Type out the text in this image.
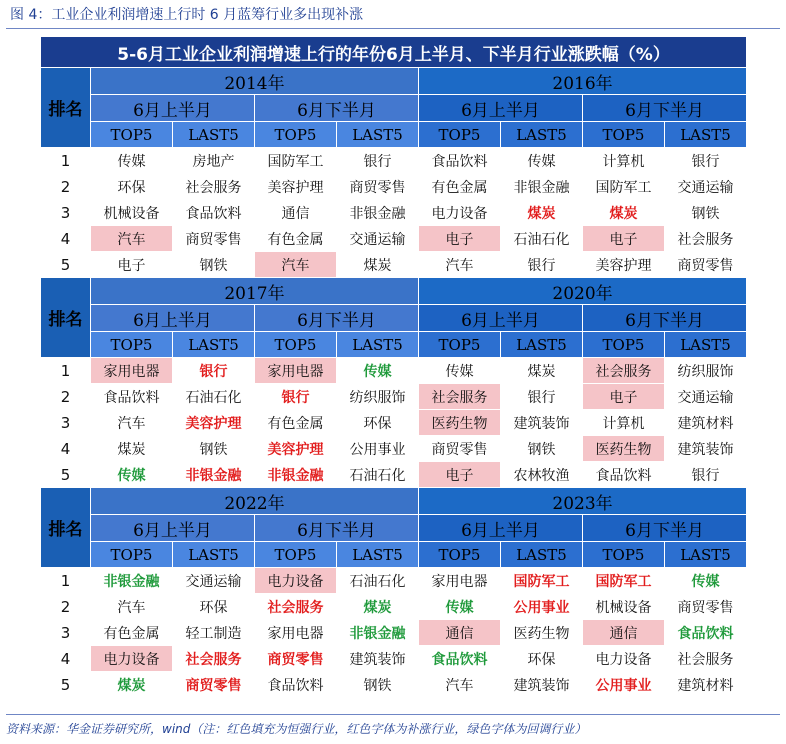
图 4：工业企业利润增速上行时 6 月蓝筹行业多出现补涨
5-6月工业企业利润增速上行的年份6月上半月、下半月行业涨跌幅（%）								
排名	2014年				2016年			
	6月上半月		6月下半月		6月上半月		6月下半月	
	TOP5	LAST5	TOP5	LAST5	TOP5	LAST5	TOP5	LAST5
1	传媒	房地产	国防军工	银行	食品饮料	传媒	计算机	银行
2	环保	社会服务	美容护理	商贸零售	有色金属	非银金融	国防军工	交通运输
3	机械设备	食品饮料	通信	非银金融	电力设备	煤炭	煤炭	钢铁
4	汽车	商贸零售	有色金属	交通运输	电子	石油石化	电子	社会服务
5	电子	钢铁	汽车	煤炭	汽车	银行	美容护理	商贸零售
排名	2017年				2020年			
	6月上半月		6月下半月		6月上半月		6月下半月	
	TOP5	LAST5	TOP5	LAST5	TOP5	LAST5	TOP5	LAST5
1	家用电器	银行	家用电器	传媒	传媒	煤炭	社会服务	纺织服饰
2	食品饮料	石油石化	银行	纺织服饰	社会服务	银行	电子	交通运输
3	汽车	美容护理	有色金属	环保	医药生物	建筑装饰	计算机	建筑材料
4	煤炭	钢铁	美容护理	公用事业	商贸零售	钢铁	医药生物	建筑装饰
5	传媒	非银金融	非银金融	石油石化	电子	农林牧渔	食品饮料	银行
排名	2022年				2023年			
	6月上半月		6月下半月		6月上半月		6月下半月	
	TOP5	LAST5	TOP5	LAST5	TOP5	LAST5	TOP5	LAST5
1	非银金融	交通运输	电力设备	石油石化	家用电器	国防军工	国防军工	传媒
2	汽车	环保	社会服务	煤炭	传媒	公用事业	机械设备	商贸零售
3	有色金属	轻工制造	家用电器	非银金融	通信	医药生物	通信	食品饮料
4	电力设备	社会服务	商贸零售	建筑装饰	食品饮料	环保	电力设备	社会服务
5	煤炭	商贸零售	食品饮料	钢铁	汽车	建筑装饰	公用事业	建筑材料
资料来源：华金证券研究所，wind（注：红色填充为恒强行业，红色字体为补涨行业，绿色字体为回调行业）
